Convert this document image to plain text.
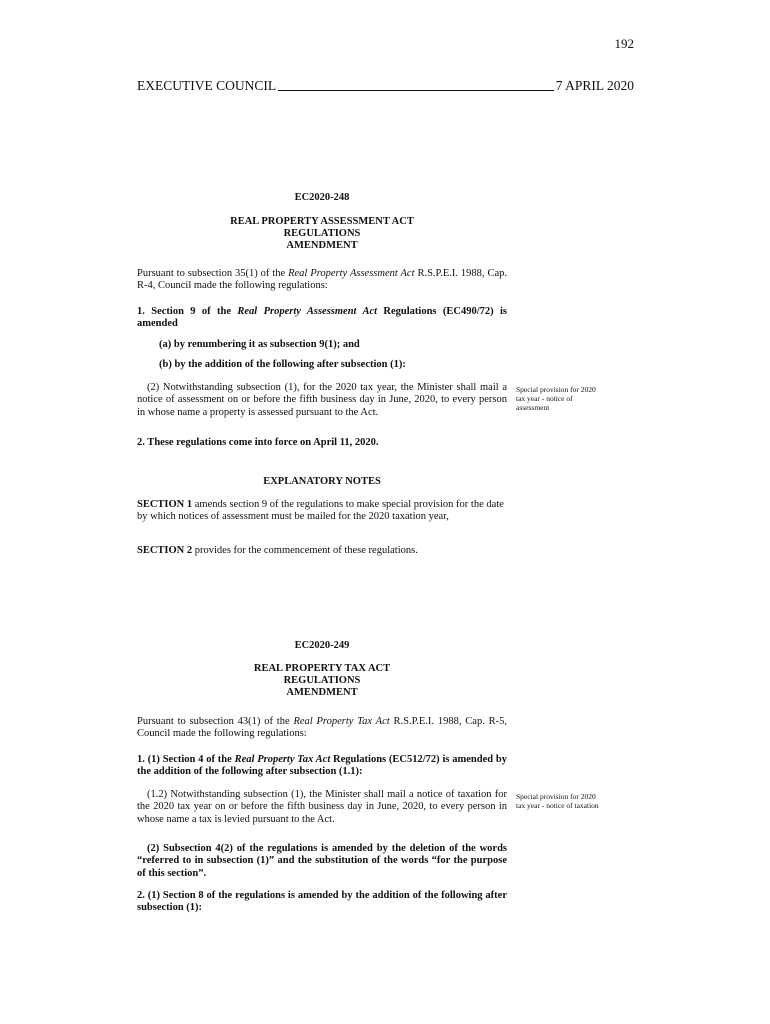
192
EXECUTIVE COUNCIL	7 APRIL 2020
EC2020-248
REAL PROPERTY ASSESSMENT ACT
REGULATIONS
AMENDMENT
Pursuant to subsection 35(1) of the Real Property Assessment Act R.S.P.E.I. 1988, Cap. R-4, Council made the following regulations:
1. Section 9 of the Real Property Assessment Act Regulations (EC490/72) is amended
(a) by renumbering it as subsection 9(1); and
(b) by the addition of the following after subsection (1):
(2) Notwithstanding subsection (1), for the 2020 tax year, the Minister shall mail a notice of assessment on or before the fifth business day in June, 2020, to every person in whose name a property is assessed pursuant to the Act.
Special provision for 2020 tax year - notice of assessment
2. These regulations come into force on April 11, 2020.
EXPLANATORY NOTES
SECTION 1 amends section 9 of the regulations to make special provision for the date by which notices of assessment must be mailed for the 2020 taxation year,
SECTION 2 provides for the commencement of these regulations.
EC2020-249
REAL PROPERTY TAX ACT
REGULATIONS
AMENDMENT
Pursuant to subsection 43(1) of the Real Property Tax Act R.S.P.E.I. 1988, Cap. R-5, Council made the following regulations:
1. (1) Section 4 of the Real Property Tax Act Regulations (EC512/72) is amended by the addition of the following after subsection (1.1):
(1.2) Notwithstanding subsection (1), the Minister shall mail a notice of taxation for the 2020 tax year on or before the fifth business day in June, 2020, to every person in whose name a tax is levied pursuant to the Act.
Special provision for 2020 tax year - notice of taxation
(2) Subsection 4(2) of the regulations is amended by the deletion of the words “referred to in subsection (1)” and the substitution of the words “for the purpose of this section”.
2. (1) Section 8 of the regulations is amended by the addition of the following after subsection (1):
